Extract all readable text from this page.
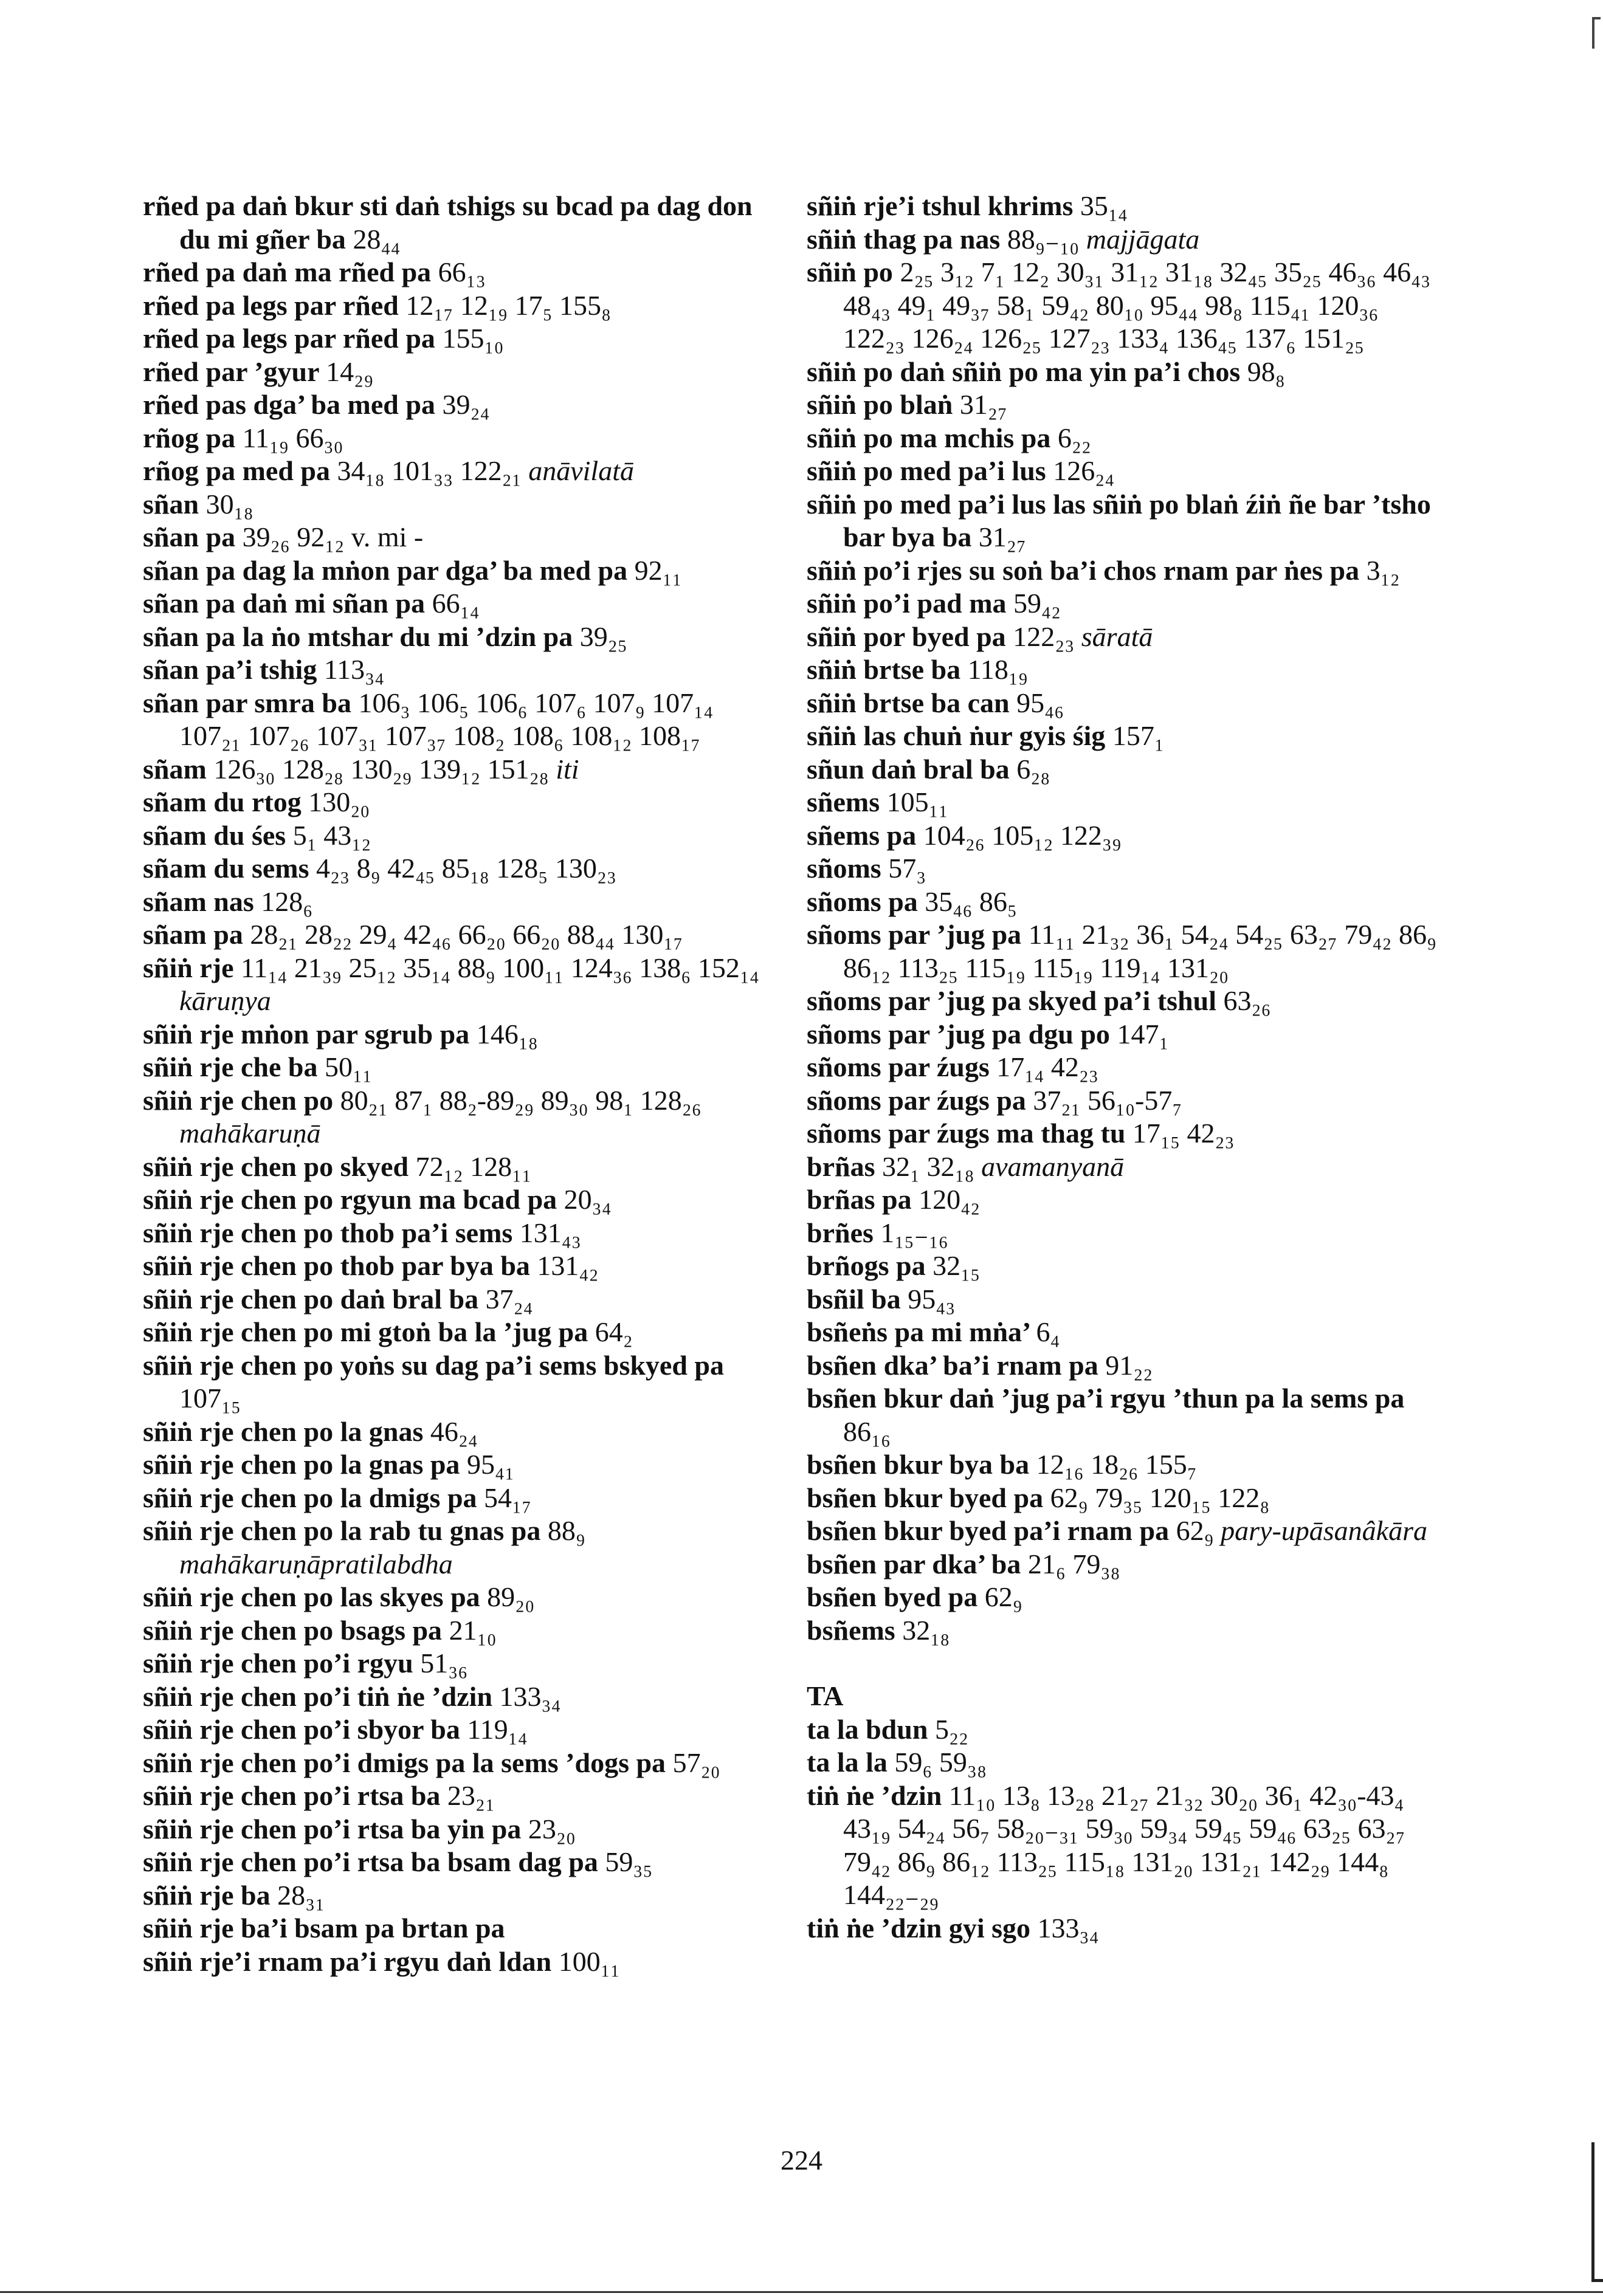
rñed pa daṅ bkur sti daṅ tshigs su bcad pa dag don du mi gñer ba 28₄₄

rñed pa daṅ ma rñed pa 66₁₃

rñed pa legs par rñed 12₁₇ 12₁₉ 17₅ 155₈

rñed pa legs par rñed pa 155₁₀

rñed par ’gyur 14₂₉

rñed pas dga’ ba med pa 39₂₄

rñog pa 11₁₉ 66₃₀

rñog pa med pa 34₁₈ 101₃₃ 122₂₁ anāvilatā

sñan 30₁₈

sñan pa 39₂₆ 92₁₂ v. mi -

sñan pa dag la mṅon par dga’ ba med pa 92₁₁

sñan pa daṅ mi sñan pa 66₁₄

sñan pa la ṅo mtshar du mi ’dzin pa 39₂₅

sñan pa’i tshig 113₃₄

sñan par smra ba 106₃ 106₅ 106₆ 107₆ 107₉ 107₁₄ 107₂₁ 107₂₆ 107₃₁ 107₃₇ 108₂ 108₆ 108₁₂ 108₁₇

sñam 126₃₀ 128₂₈ 130₂₉ 139₁₂ 151₂₈ iti

sñam du rtog 130₂₀

sñam du śes 5₁ 43₁₂

sñam du sems 4₂₃ 8₉ 42₄₅ 85₁₈ 128₅ 130₂₃

sñam nas 128₆

sñam pa 28₂₁ 28₂₂ 29₄ 42₄₆ 66₂₀ 66₂₀ 88₄₄ 130₁₇

sñiṅ rje 11₁₄ 21₃₉ 25₁₂ 35₁₄ 88₉ 100₁₁ 124₃₆ 138₆ 152₁₄ kāruṇya

sñiṅ rje mṅon par sgrub pa 146₁₈

sñiṅ rje che ba 50₁₁

sñiṅ rje chen po 80₂₁ 87₁ 88₂-89₂₉ 89₃₀ 98₁ 128₂₆ mahākaruṇā

sñiṅ rje chen po skyed 72₁₂ 128₁₁

sñiṅ rje chen po rgyun ma bcad pa 20₃₄

sñiṅ rje chen po thob pa’i sems 131₄₃

sñiṅ rje chen po thob par bya ba 131₄₂

sñiṅ rje chen po daṅ bral ba 37₂₄

sñiṅ rje chen po mi gtoṅ ba la ’jug pa 64₂

sñiṅ rje chen po yoṅs su dag pa’i sems bskyed pa 107₁₅

sñiṅ rje chen po la gnas 46₂₄

sñiṅ rje chen po la gnas pa 95₄₁

sñiṅ rje chen po la dmigs pa 54₁₇

sñiṅ rje chen po la rab tu gnas pa 88₉ mahākaruṇāpratilabdha

sñiṅ rje chen po las skyes pa 89₂₀

sñiṅ rje chen po bsags pa 21₁₀

sñiṅ rje chen po’i rgyu 51₃₆

sñiṅ rje chen po’i tiṅ ṅe ’dzin 133₃₄

sñiṅ rje chen po’i sbyor ba 119₁₄

sñiṅ rje chen po’i dmigs pa la sems ’dogs pa 57₂₀

sñiṅ rje chen po’i rtsa ba 23₂₁

sñiṅ rje chen po’i rtsa ba yin pa 23₂₀

sñiṅ rje chen po’i rtsa ba bsam dag pa 59₃₅

sñiṅ rje ba 28₃₁

sñiṅ rje ba’i bsam pa brtan pa

sñiṅ rje’i rnam pa’i rgyu daṅ ldan 100₁₁

sñiṅ rje’i tshul khrims 35₁₄

sñiṅ thag pa nas 88₉₋₁₀ majjāgata

sñiṅ po 2₂₅ 3₁₂ 7₁ 12₂ 30₃₁ 31₁₂ 31₁₈ 32₄₅ 35₂₅ 46₃₆ 46₄₃ 48₄₃ 49₁ 49₃₇ 58₁ 59₄₂ 80₁₀ 95₄₄ 98₈ 115₄₁ 120₃₆ 122₂₃ 126₂₄ 126₂₅ 127₂₃ 133₄ 136₄₅ 137₆ 151₂₅

sñiṅ po daṅ sñiṅ po ma yin pa’i chos 98₈

sñiṅ po blaṅ 31₂₇

sñiṅ po ma mchis pa 6₂₂

sñiṅ po med pa’i lus 126₂₄

sñiṅ po med pa’i lus las sñiṅ po blaṅ źiṅ ñe bar ’tsho bar bya ba 31₂₇

sñiṅ po’i rjes su soṅ ba’i chos rnam par ṅes pa 3₁₂

sñiṅ po’i pad ma 59₄₂

sñiṅ por byed pa 122₂₃ sāratā

sñiṅ brtse ba 118₁₉

sñiṅ brtse ba can 95₄₆

sñiṅ las chuṅ ṅur gyis śig 157₁

sñun daṅ bral ba 6₂₈

sñems 105₁₁

sñems pa 104₂₆ 105₁₂ 122₃₉

sñoms 57₃

sñoms pa 35₄₆ 86₅

sñoms par ’jug pa 11₁₁ 21₃₂ 36₁ 54₂₄ 54₂₅ 63₂₇ 79₄₂ 86₉ 86₁₂ 113₂₅ 115₁₉ 115₁₉ 119₁₄ 131₂₀

sñoms par ’jug pa skyed pa’i tshul 63₂₆

sñoms par ’jug pa dgu po 147₁

sñoms par źugs 17₁₄ 42₂₃

sñoms par źugs pa 37₂₁ 56₁₀-57₇

sñoms par źugs ma thag tu 17₁₅ 42₂₃

brñas 32₁ 32₁₈ avamanyanā

brñas pa 120₄₂

brñes 1₁₅₋₁₆

brñogs pa 32₁₅

bsñil ba 95₄₃

bsñeṅs pa mi mṅa’ 6₄

bsñen dka’ ba’i rnam pa 91₂₂

bsñen bkur daṅ ’jug pa’i rgyu ’thun pa la sems pa 86₁₆

bsñen bkur bya ba 12₁₆ 18₂₆ 155₇

bsñen bkur byed pa 62₉ 79₃₅ 120₁₅ 122₈

bsñen bkur byed pa’i rnam pa 62₉ pary-upāsanâkāra

bsñen par dka’ ba 21₆ 79₃₈

bsñen byed pa 62₉

bsñems 32₁₈

TA

ta la bdun 5₂₂

ta la la 59₆ 59₃₈

tiṅ ṅe ’dzin 11₁₀ 13₈ 13₂₈ 21₂₇ 21₃₂ 30₂₀ 36₁ 42₃₀-43₄ 43₁₉ 54₂₄ 56₇ 58₂₀₋₃₁ 59₃₀ 59₃₄ 59₄₅ 59₄₆ 63₂₅ 63₂₇ 79₄₂ 86₉ 86₁₂ 113₂₅ 115₁₈ 131₂₀ 131₂₁ 142₂₉ 144₈ 144₂₂₋₂₉

tiṅ ṅe ’dzin gyi sgo 133₃₄

224
